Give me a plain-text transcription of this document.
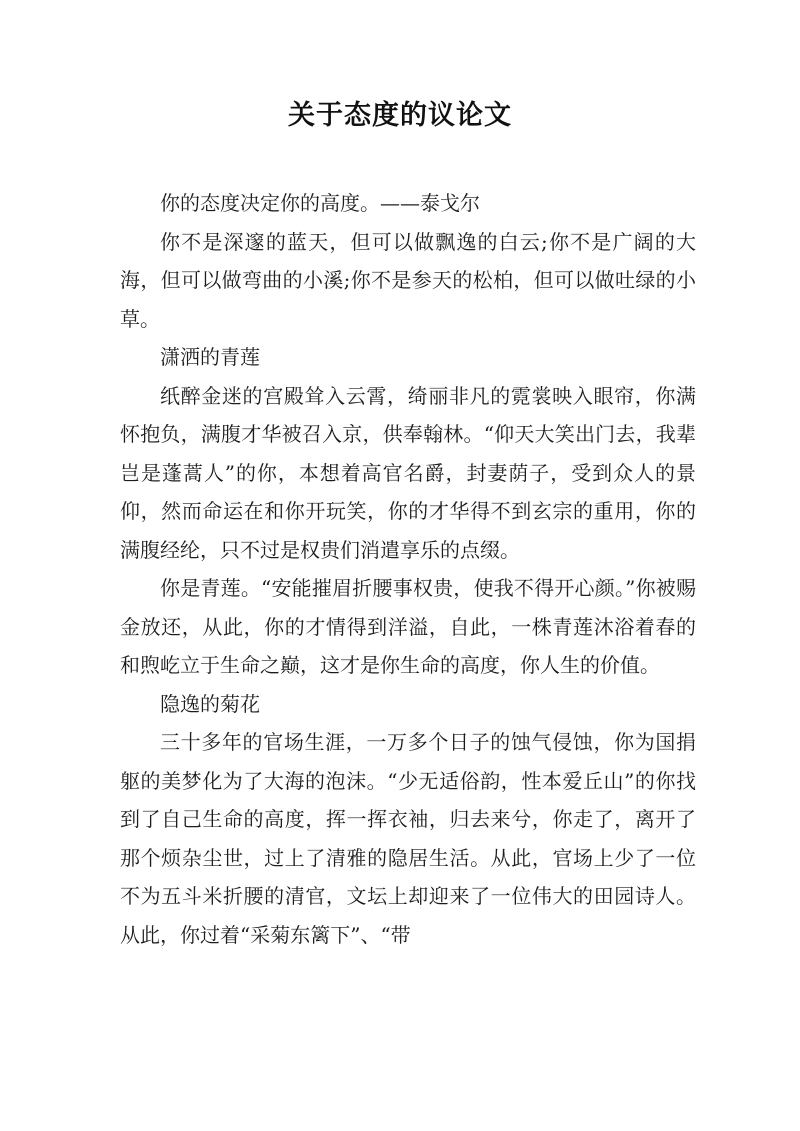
关于态度的议论文

你的态度决定你的高度。——泰戈尔

你不是深邃的蓝天，但可以做飘逸的白云;你不是广阔的大海，但可以做弯曲的小溪;你不是参天的松柏，但可以做吐绿的小草。

潇洒的青莲

纸醉金迷的宫殿耸入云霄，绮丽非凡的霓裳映入眼帘，你满怀抱负，满腹才华被召入京，供奉翰林。“仰天大笑出门去，我辈岂是蓬蒿人”的你，本想着高官名爵，封妻荫子，受到众人的景仰，然而命运在和你开玩笑，你的才华得不到玄宗的重用，你的满腹经纶，只不过是权贵们消遣享乐的点缀。

你是青莲。“安能摧眉折腰事权贵，使我不得开心颜。”你被赐金放还，从此，你的才情得到洋溢，自此，一株青莲沐浴着春的和煦屹立于生命之巅，这才是你生命的高度，你人生的价值。

隐逸的菊花

三十多年的官场生涯，一万多个日子的蚀气侵蚀，你为国捐躯的美梦化为了大海的泡沫。“少无适俗韵，性本爱丘山”的你找到了自己生命的高度，挥一挥衣袖，归去来兮，你走了，离开了那个烦杂尘世，过上了清雅的隐居生活。从此，官场上少了一位不为五斗米折腰的清官，文坛上却迎来了一位伟大的田园诗人。从此，你过着“采菊东篱下”、“带
